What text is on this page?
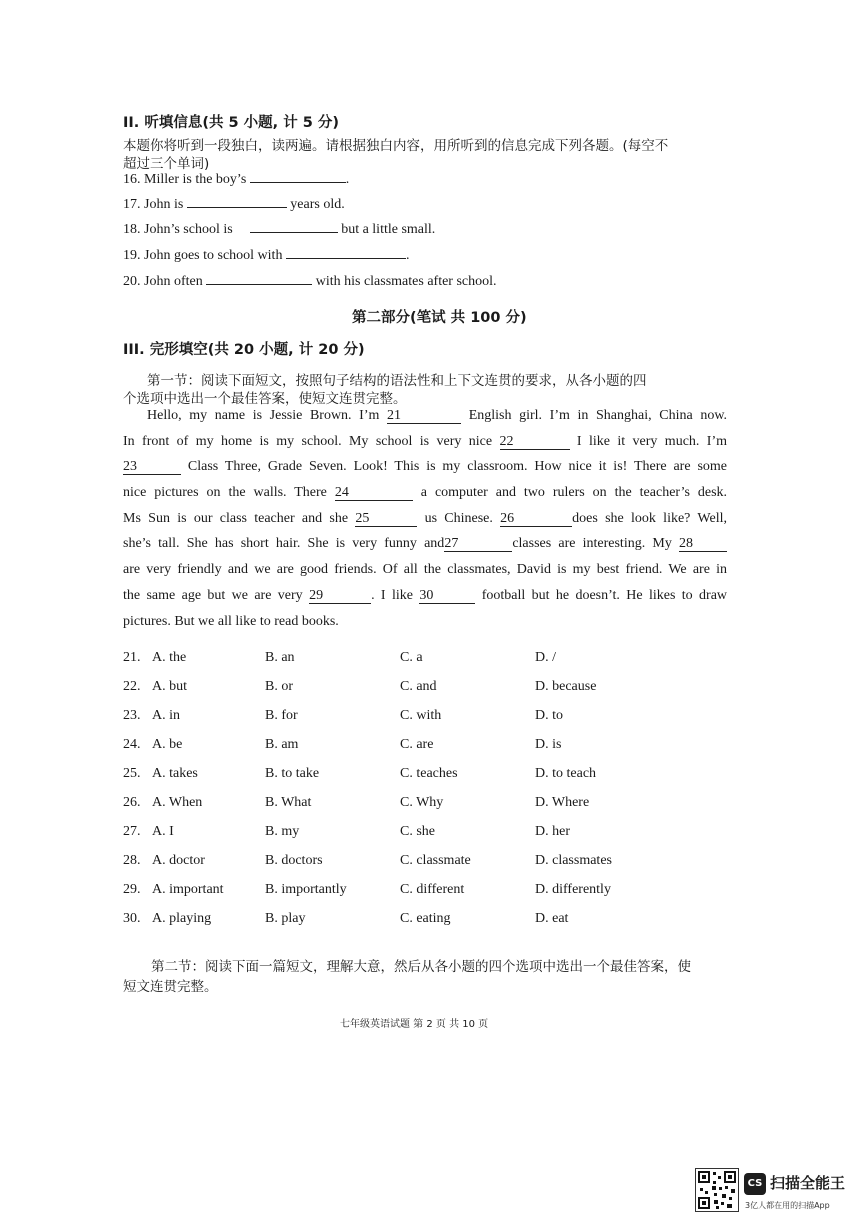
II. 听填信息(共 5 小题, 计 5 分)
本题你将听到一段独白，读两遍。请根据独白内容，用所听到的信息完成下列各题。(每空不
超过三个单词)
16. Miller is the boy’s	.
17. John is	years old.
18. John’s school is	but a little small.
19. John goes to school with	.
20. John often	with his classmates after school.
第二部分(笔试 共 100 分)
III. 完形填空(共 20 小题, 计 20 分)
第一节：阅读下面短文，按照句子结构的语法性和上下文连贯的要求，从各小题的四
个选项中选出一个最佳答案，使短文连贯完整。
Hello, my name is Jessie Brown. I’m 21	English girl. I’m in Shanghai, China now.
In front of my home is my school. My school is very nice 22	I like it very much. I’m
23	Class Three, Grade Seven. Look! This is my classroom. How nice it is! There are some
nice pictures on the walls. There 24	a computer and two rulers on the teacher’s desk.
Ms Sun is our class teacher and she 25	us Chinese. 26	does she look like? Well,
she’s tall. She has short hair. She is very funny and27	classes are interesting. My 28
are very friendly and we are good friends. Of all the classmates, David is my best friend. We are in
the same age but we are very 29	. I like 30	football but he doesn’t. He likes to draw
pictures. But we all like to read books.
21. A. the	B. an	C. a	D. /
22. A. but	B. or	C. and	D. because
23. A. in	B. for	C. with	D. to
24. A. be	B. am	C. are	D. is
25. A. takes	B. to take	C. teaches	D. to teach
26. A. When	B. What	C. Why	D. Where
27. A. I	B. my	C. she	D. her
28. A. doctor	B. doctors	C. classmate	D. classmates
29. A. important	B. importantly	C. different	D. differently
30. A. playing	B. play	C. eating	D. eat
第二节：阅读下面一篇短文，理解大意，然后从各小题的四个选项中选出一个最佳答案，使
短文连贯完整。
七年级英语试题 第 2 页 共 10 页
CS 扫描全能王
3亿人都在用的扫描App
